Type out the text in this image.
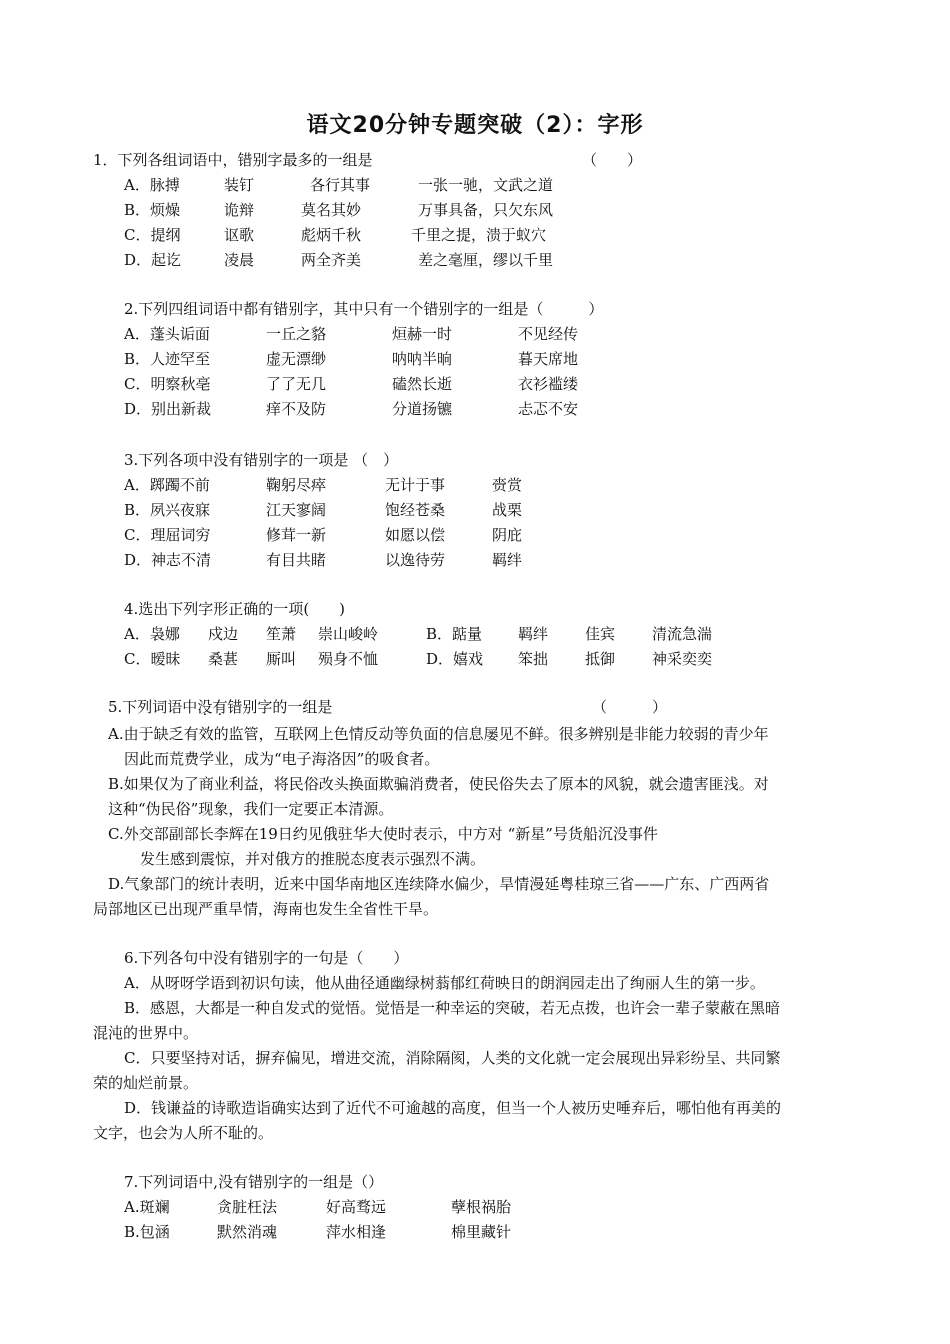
语文20分钟专题突破（2）：字形
1．下列各组词语中，错别字最多的一组是	（　　）
A．脉搏	装钉	各行其事	一张一驰，文武之道
B．烦燥	诡辩	莫名其妙	万事具备，只欠东风
C．提纲	讴歌	彪炳千秋	千里之提，溃于蚁穴
D．起讫	凌晨	两全齐美	差之毫厘，缪以千里
2.下列四组词语中都有错别字，其中只有一个错别字的一组是（　　　）
A．蓬头诟面	一丘之貉	烜赫一时	不见经传
B．人迹罕至	虚无漂缈	呐呐半晌	暮天席地
C．明察秋亳	了了无几	磕然长逝	衣衫褴缕
D．别出新裁	痒不及防	分道扬镳	忐忑不安
3.下列各项中没有错别字的一项是 （　）
A．踯躅不前	鞠躬尽瘁	无计于事	赍赏
B．夙兴夜寐	江天寥阔	饱经苍桑	战栗
C．理屈词穷	修茸一新	如愿以偿	阴庇
D．神志不清	有目共睹	以逸待劳	羁绊
4.选出下列字形正确的一项(　　)
A．袅娜 戍边 笙萧 崇山峻岭	B．踮量 羁绊 佳宾 清流急湍
C．暧昧 桑葚 厮叫 殒身不恤	D．嬉戏 笨拙 抵御 神采奕奕
5.下列词语中没有错别字的一组是	（　　　）
A.由于缺乏有效的监管，互联网上色情反动等负面的信息屡见不鲜。很多辨别是非能力较弱的青少年
因此而荒费学业，成为“电子海洛因”的吸食者。
B.如果仅为了商业利益，将民俗改头换面欺骗消费者，使民俗失去了原本的风貌，就会遗害匪浅。对
这种“伪民俗”现象，我们一定要正本清源。
C.外交部副部长李辉在19日约见俄驻华大使时表示，中方对 “新星”号货船沉没事件
发生感到震惊，并对俄方的推脱态度表示强烈不满。
D.气象部门的统计表明，近来中国华南地区连续降水偏少，旱情漫延粤桂琼三省——广东、广西两省
局部地区已出现严重旱情，海南也发生全省性干旱。
6.下列各句中没有错别字的一句是（　　）
A．从呀呀学语到初识句读，他从曲径通幽绿树蓊郁红荷映日的朗润园走出了绚丽人生的第一步。
B．感恩，大都是一种自发式的觉悟。觉悟是一种幸运的突破，若无点拨，也许会一辈子蒙蔽在黑暗
混沌的世界中。
C．只要坚持对话，摒弃偏见，增进交流，消除隔阂，人类的文化就一定会展现出异彩纷呈、共同繁
荣的灿烂前景。
D．钱谦益的诗歌造诣确实达到了近代不可逾越的高度，但当一个人被历史唾弃后，哪怕他有再美的
文字，也会为人所不耻的。
7.下列词语中,没有错别字的一组是（）
A.斑斓	贪脏枉法	好高骛远	孽根祸胎
B.包涵	默然消魂	萍水相逢	棉里藏针
